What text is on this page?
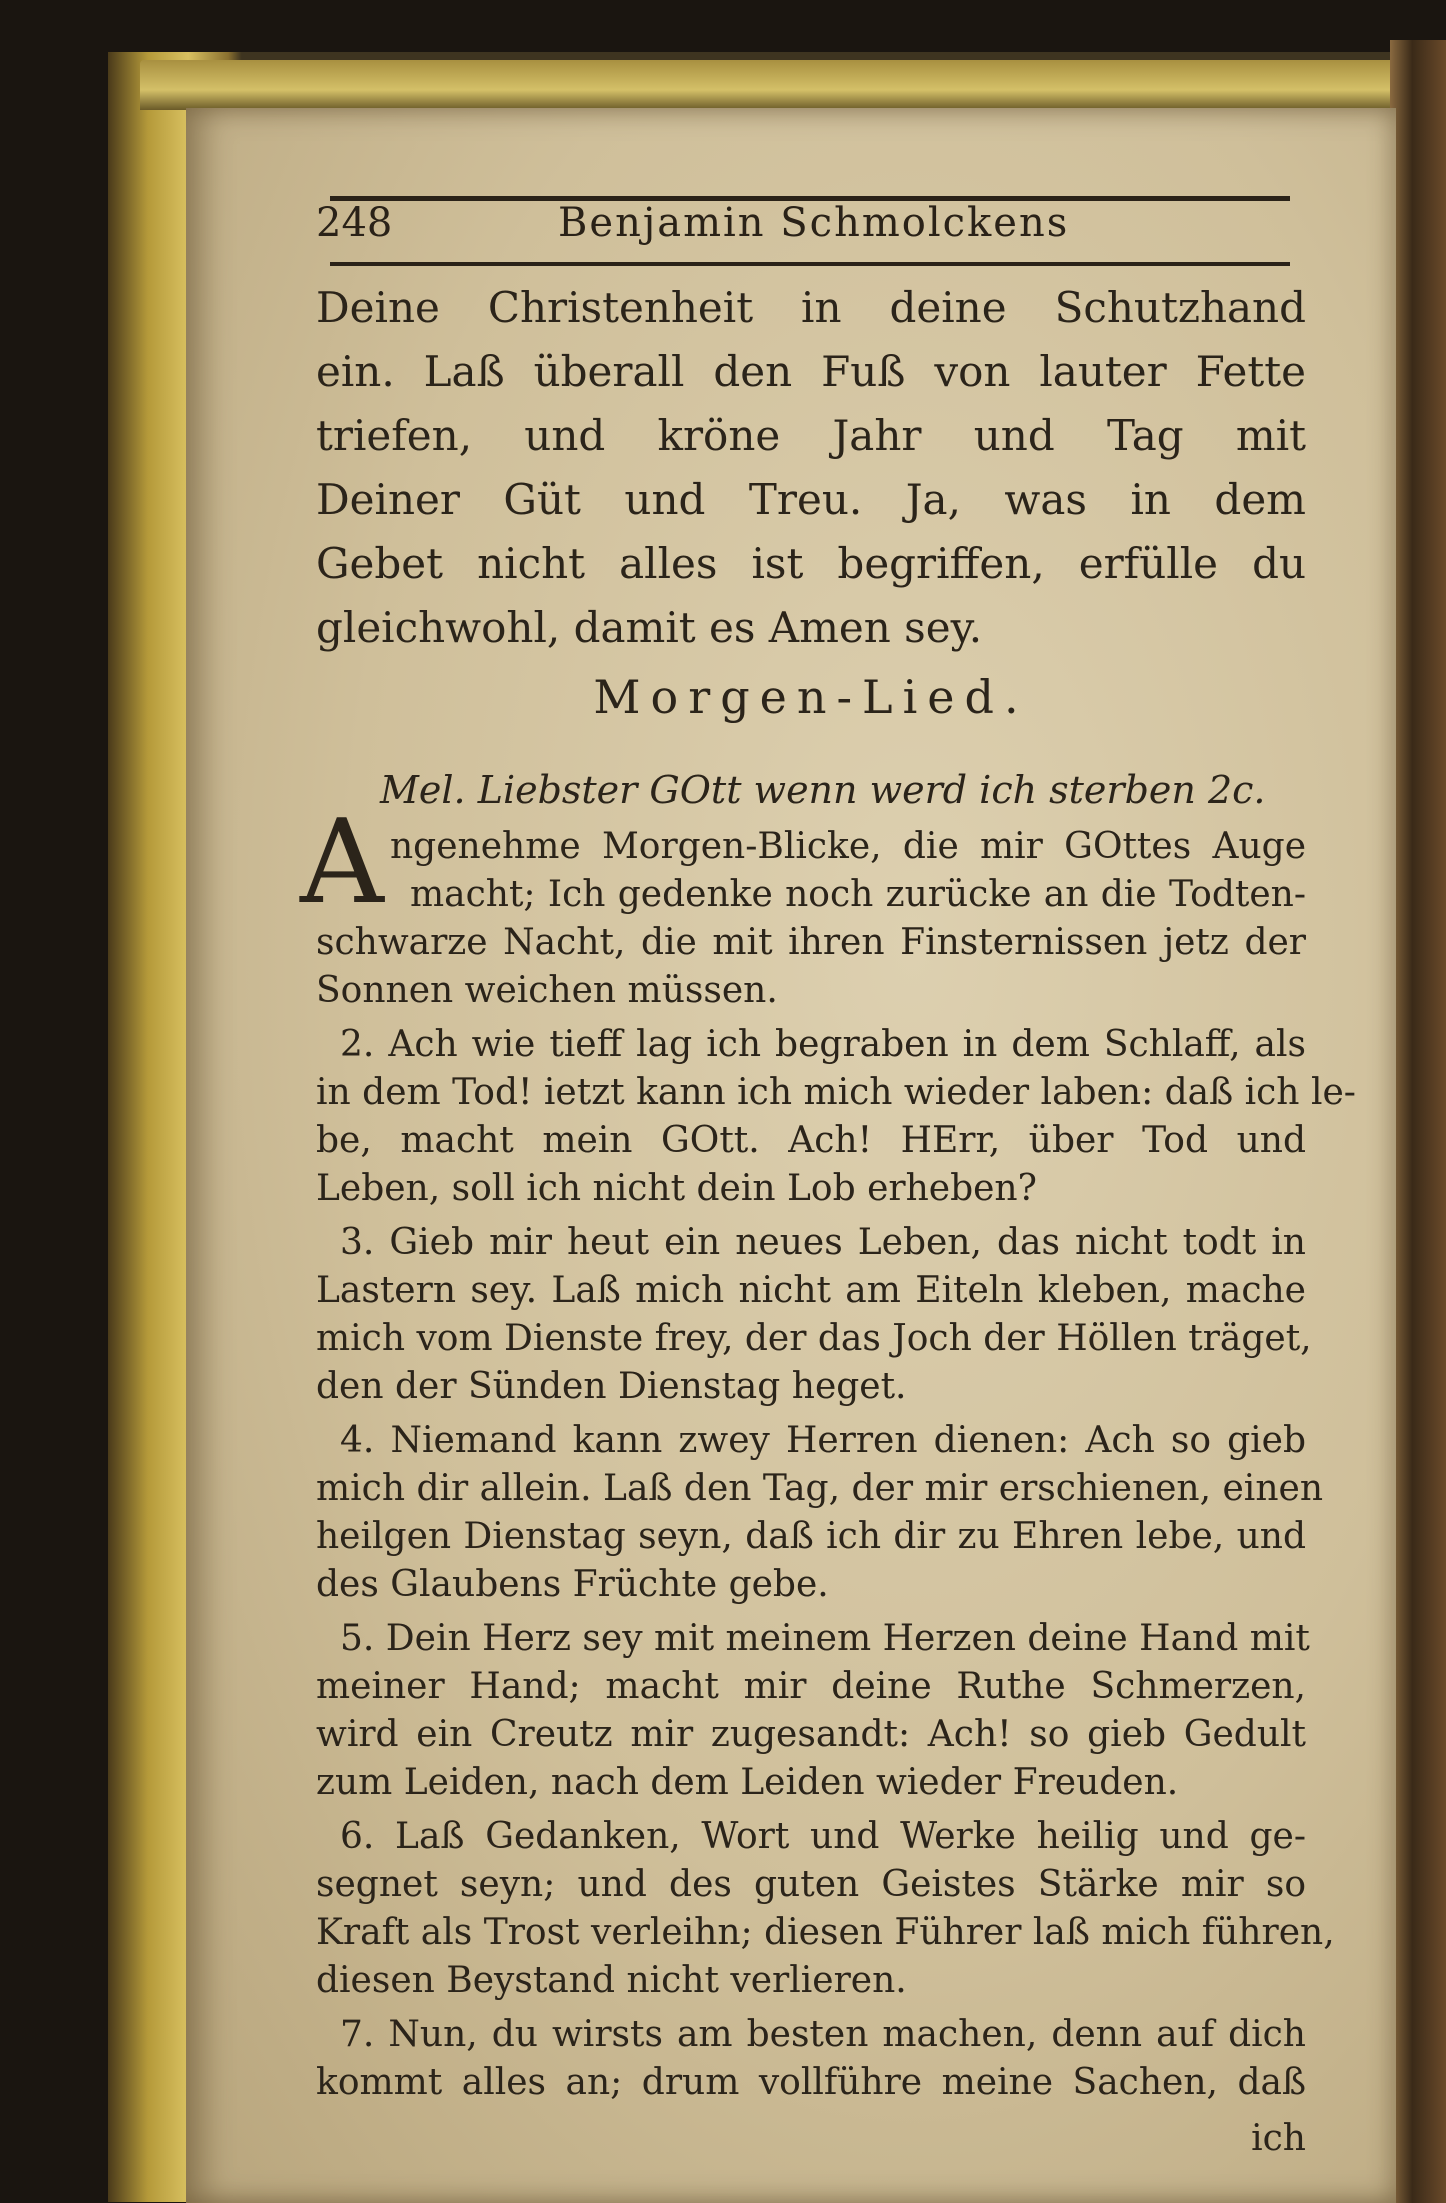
248	Benjamin Schmolckens
Deine Christenheit in deine Schutzhand
ein. Laß überall den Fuß von lauter Fette
triefen, und kröne Jahr und Tag mit
Deiner Güt und Treu. Ja, was in dem
Gebet nicht alles ist begriffen, erfülle du
gleichwohl, damit es Amen sey.
Morgen-Lied.
Mel. Liebster GOtt wenn werd ich sterben 2c.
A ngenehme Morgen-Blicke, die mir GOttes Auge
macht; Ich gedenke noch zurücke an die Todten-
schwarze Nacht, die mit ihren Finsternissen jetz der
Sonnen weichen müssen.
2. Ach wie tieff lag ich begraben in dem Schlaff, als
in dem Tod! ietzt kann ich mich wieder laben: daß ich le-
be, macht mein GOtt. Ach! HErr, über Tod und
Leben, soll ich nicht dein Lob erheben?
3. Gieb mir heut ein neues Leben, das nicht todt in
Lastern sey. Laß mich nicht am Eiteln kleben, mache
mich vom Dienste frey, der das Joch der Höllen träget,
den der Sünden Dienstag heget.
4. Niemand kann zwey Herren dienen: Ach so gieb
mich dir allein. Laß den Tag, der mir erschienen, einen
heilgen Dienstag seyn, daß ich dir zu Ehren lebe, und
des Glaubens Früchte gebe.
5. Dein Herz sey mit meinem Herzen deine Hand mit
meiner Hand; macht mir deine Ruthe Schmerzen,
wird ein Creutz mir zugesandt: Ach! so gieb Gedult
zum Leiden, nach dem Leiden wieder Freuden.
6. Laß Gedanken, Wort und Werke heilig und ge-
segnet seyn; und des guten Geistes Stärke mir so
Kraft als Trost verleihn; diesen Führer laß mich führen,
diesen Beystand nicht verlieren.
7. Nun, du wirsts am besten machen, denn auf dich
kommt alles an; drum vollführe meine Sachen, daß
ich
